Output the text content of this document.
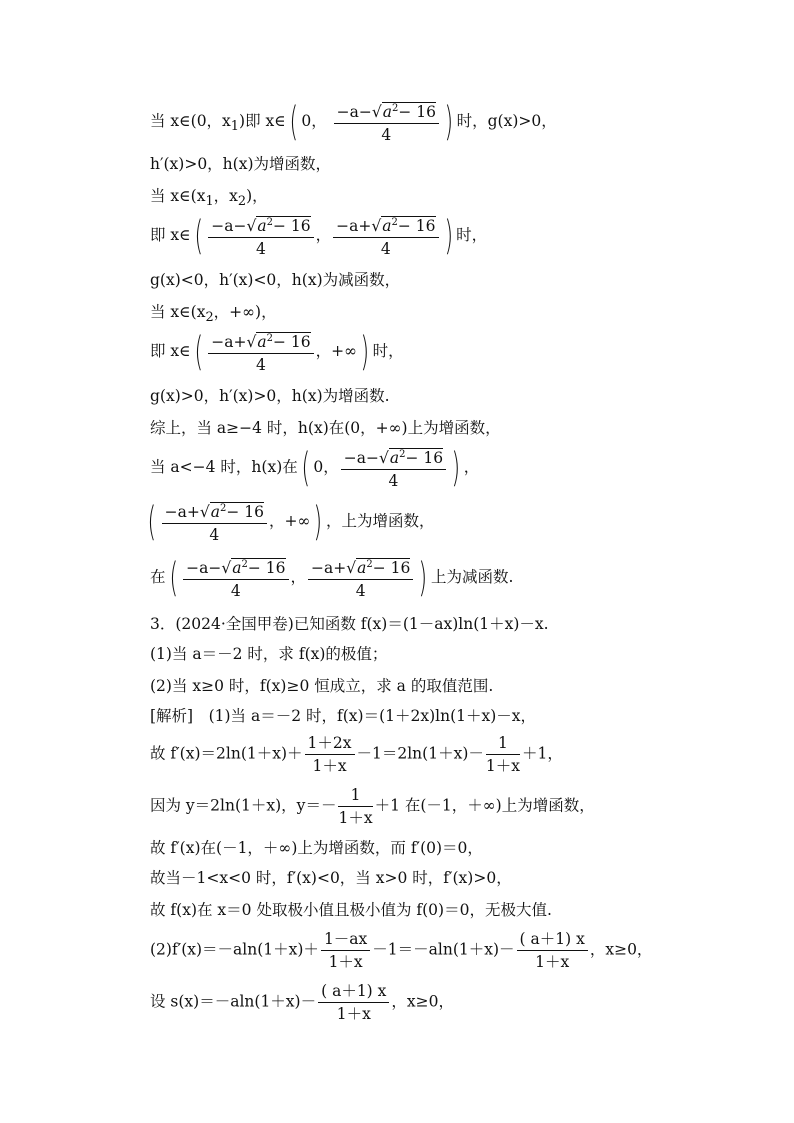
当 x∈(0，$x_1$)即 x∈( 0， $\frac{-a-√a^2- 16}{4}$ ) 时，g(x)>0，
h′(x)>0，h(x)为增函数，
当 $x\in(x_1$，$x_2$)，
即 x∈( $\frac{-a-√a^2- 16}{4}$ ， $\frac{-a+√a^2- 16}{4}$ ) 时，
g(x)<0，h′(x)<0，h(x)为减函数，
当 $x\in(x_2$，+∞)，
即 x∈( $\frac{-a+√a^2- 16}{4}$ ，+∞) 时，
g(x)>0，h′(x)>0，h(x)为增函数.
综上，当 a≥−4 时，h(x)在(0，+∞)上为增函数，
当 a<−4 时，h(x)在( 0， $\frac{-a-√a^2- 16}{4}$ ) ，
( $\frac{-a+√a^2- 16}{4}$ ，+∞) ，上为增函数，
在( $\frac{-a-√a^2- 16}{4}$ ， $\frac{-a+√a^2- 16}{4}$ ) 上为减函数.
3．(2024·全国甲卷)已知函数 f(x)＝(1－ax)ln(1＋x)－x.
(1)当 a＝－2 时，求 f(x)的极值；
(2)当 x≥0 时，f(x)≥0 恒成立，求 a 的取值范围.
[解析]　(1)当 a＝－2 时，f(x)＝(1＋2x)ln(1＋x)－x，
故 $f'(x)=2\ln(1+x)+ \frac{1+2x}{1+x} -1=2\ln(1+x)- \frac{1}{1+x} +1$，
因为 y＝2ln(1＋x)，$y=- \frac{1}{1+x} +1$ 在(－1，＋∞)上为增函数，
故 f′(x)在(－1，＋∞)上为增函数，而 f′(0)＝0，
故当－1<x<0 时，f′(x)<0，当 x>0 时，f′(x)>0，
故 f(x)在 x＝0 处取极小值且极小值为 f(0)＝0，无极大值.
$(2)f'(x)=-aln(1+x)+ \frac{1-ax}{1+x} -1=-aln(1+x)- \frac{( a+1) x}{1+x}$ ，x≥0，
设 $s(x)=-aln(1+x)- \frac{( a+1) x}{1+x}$ ，x≥0，
